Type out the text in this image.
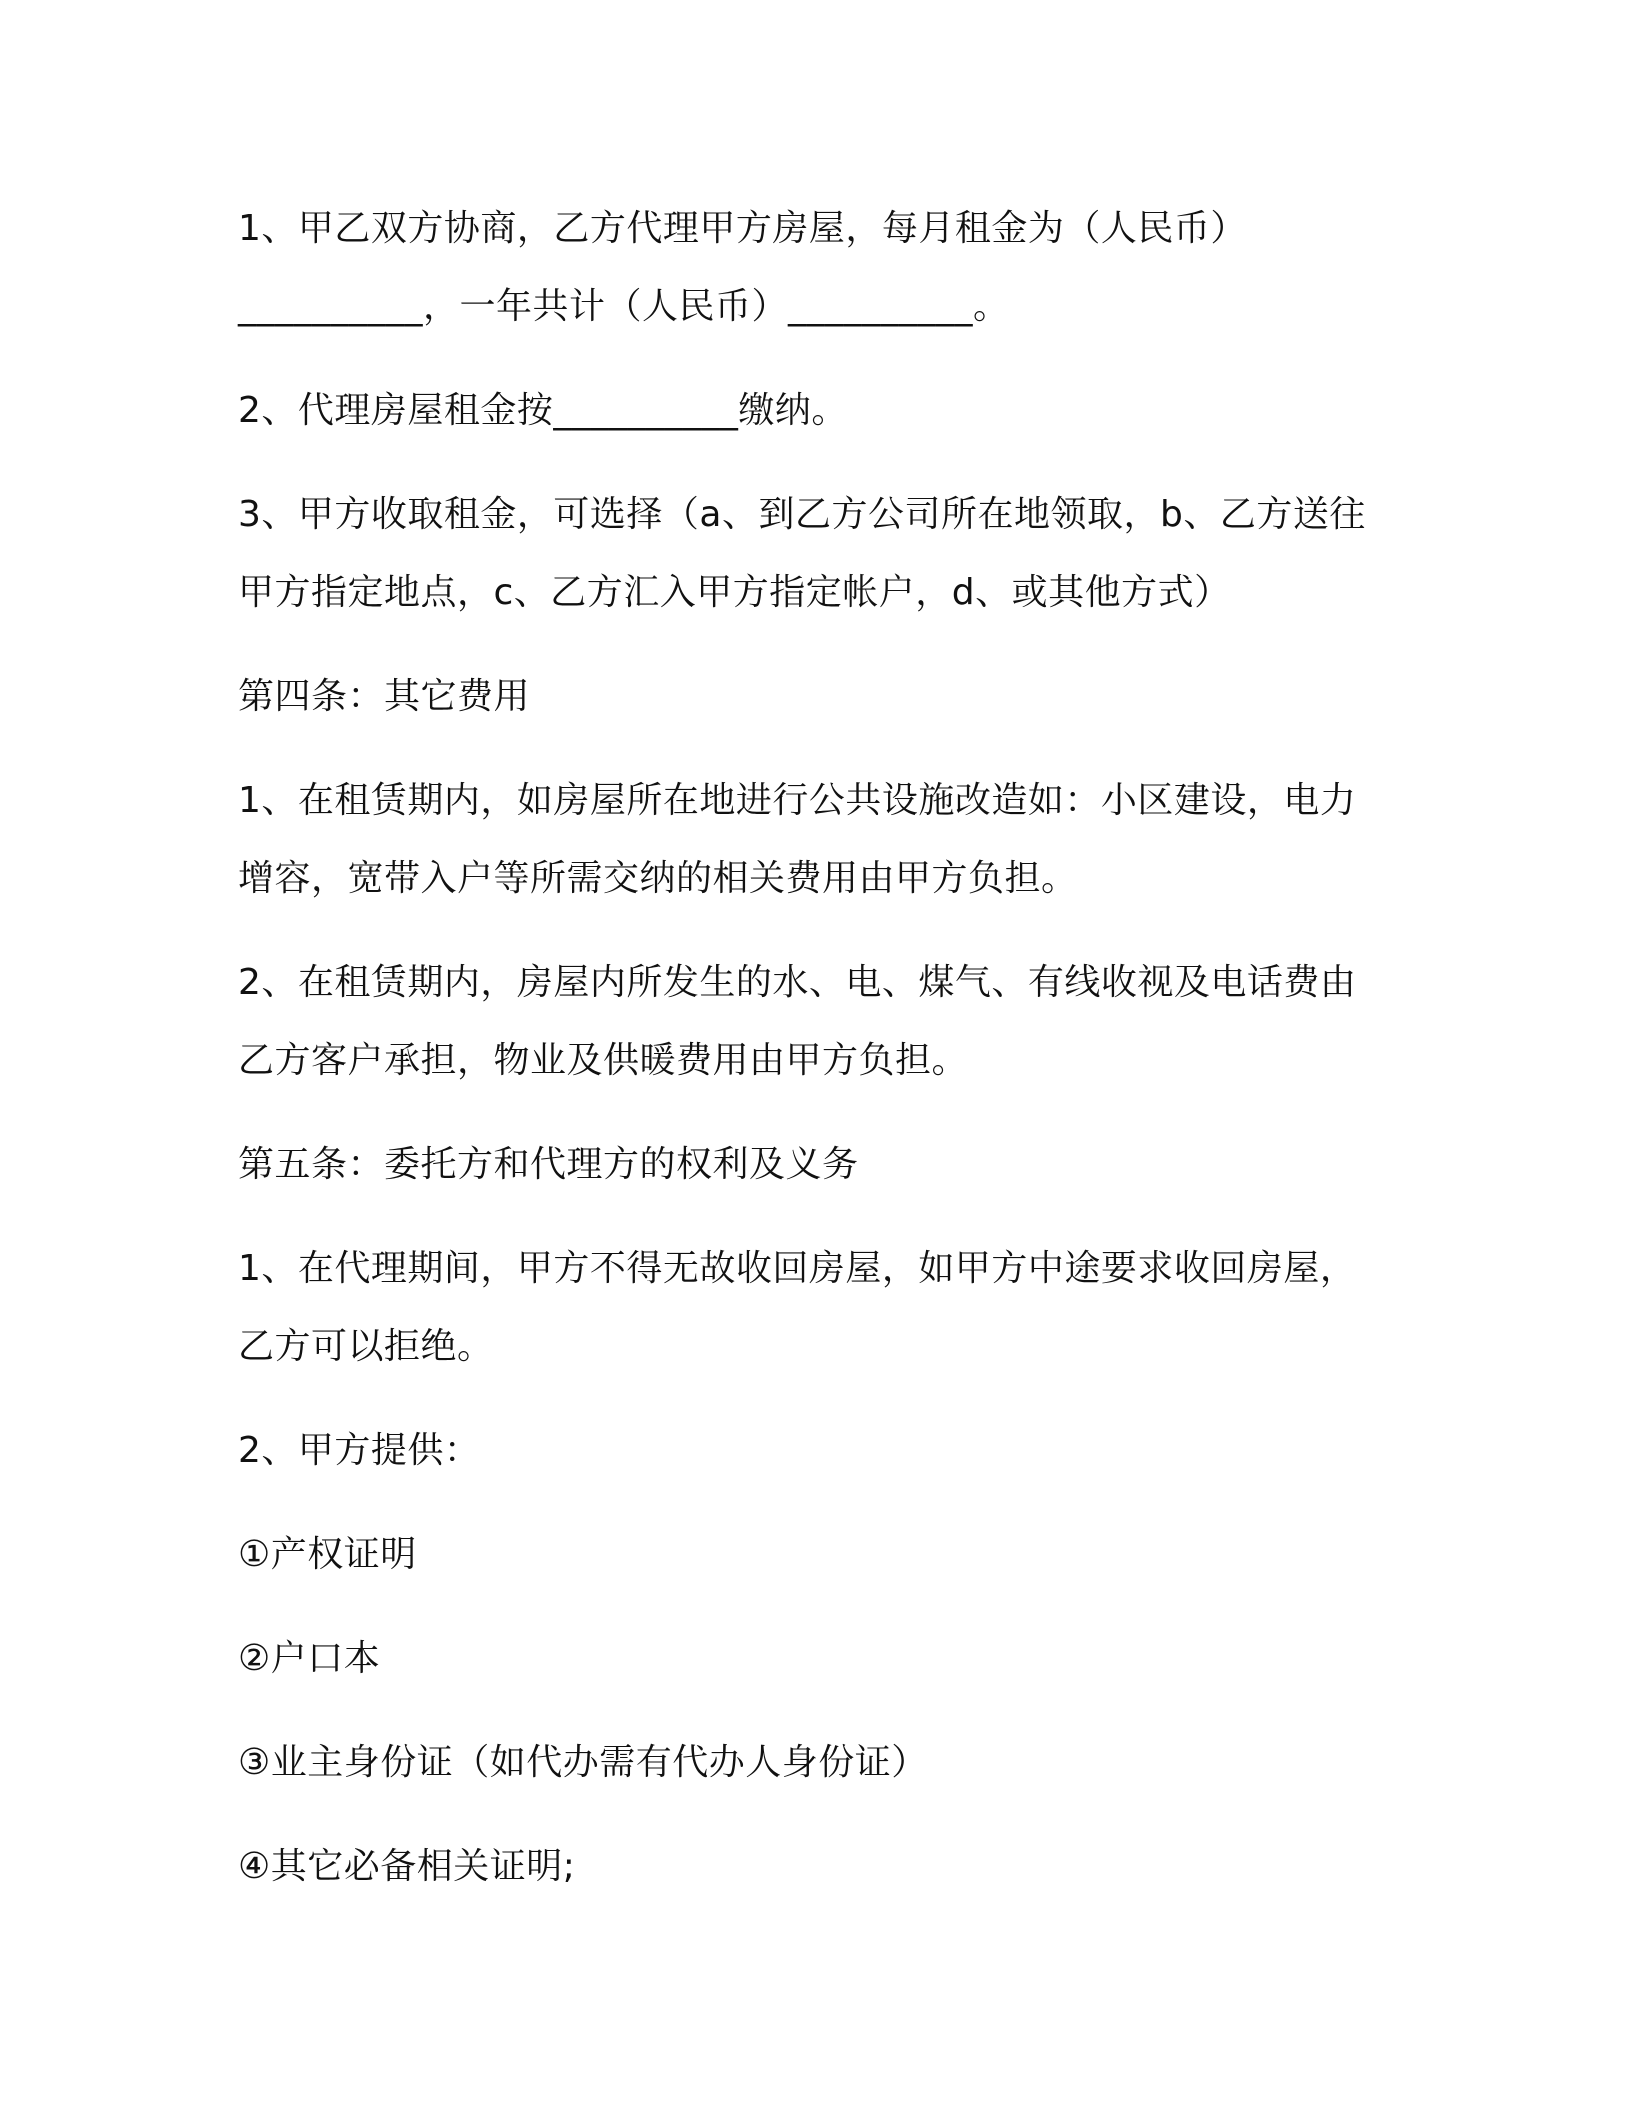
1、甲乙双方协商，乙方代理甲方房屋，每月租金为（人民币）
__________，一年共计（人民币）__________。

2、代理房屋租金按__________缴纳。

3、甲方收取租金，可选择（a、到乙方公司所在地领取，b、乙方送往
甲方指定地点，c、乙方汇入甲方指定帐户，d、或其他方式）

第四条：其它费用

1、在租赁期内，如房屋所在地进行公共设施改造如：小区建设，电力
增容，宽带入户等所需交纳的相关费用由甲方负担。

2、在租赁期内，房屋内所发生的水、电、煤气、有线收视及电话费由
乙方客户承担，物业及供暖费用由甲方负担。

第五条：委托方和代理方的权利及义务

1、在代理期间，甲方不得无故收回房屋，如甲方中途要求收回房屋，
乙方可以拒绝。

2、甲方提供：

①产权证明

②户口本

③业主身份证（如代办需有代办人身份证）

④其它必备相关证明;
